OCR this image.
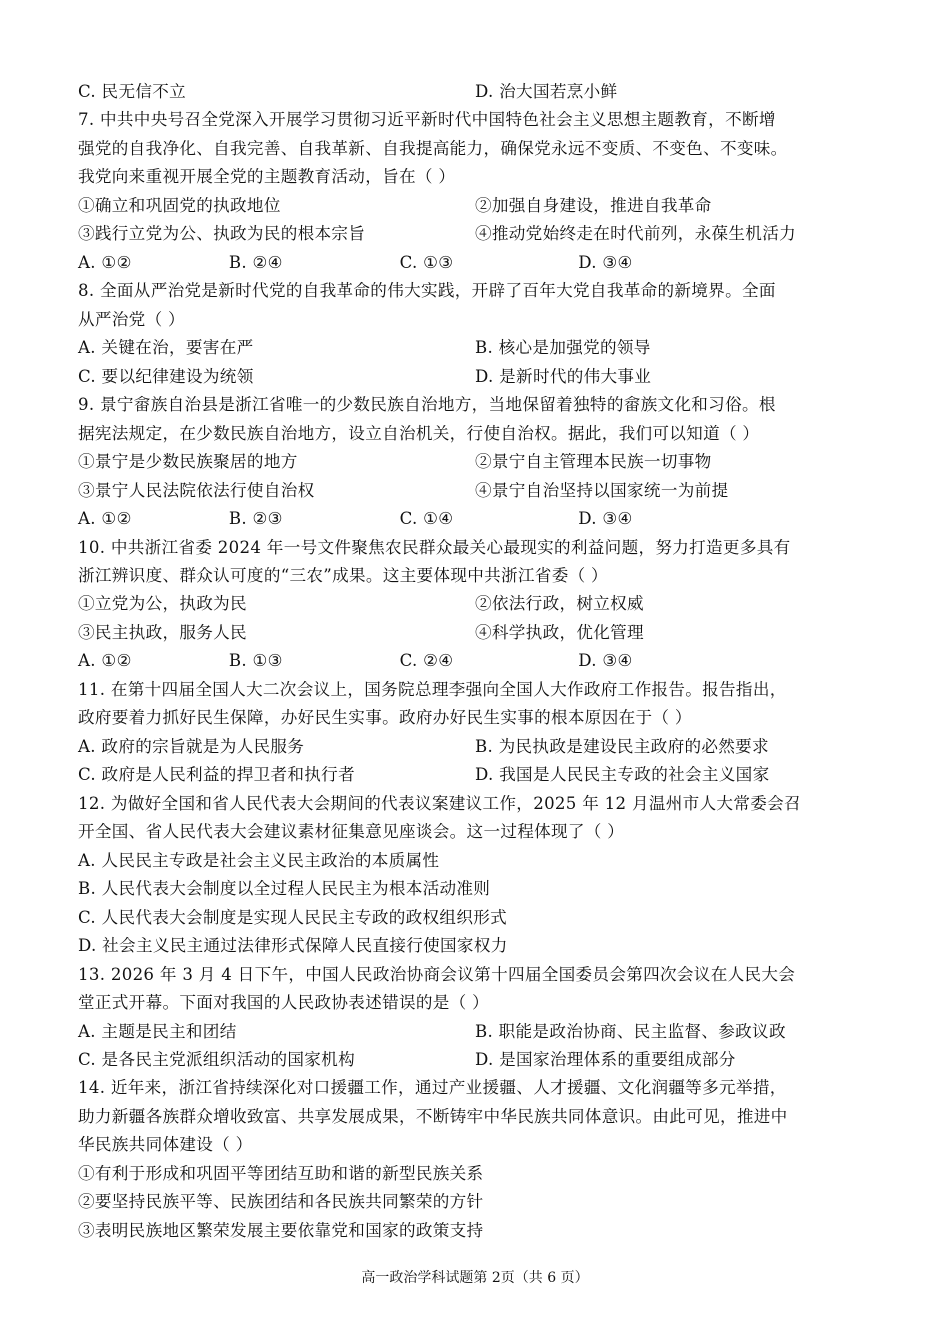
C. 民无信不立	D. 治大国若烹小鲜
7. 中共中央号召全党深入开展学习贯彻习近平新时代中国特色社会主义思想主题教育，不断增
强党的自我净化、自我完善、自我革新、自我提高能力，确保党永远不变质、不变色、不变味。
我党向来重视开展全党的主题教育活动，旨在（ ）
①确立和巩固党的执政地位	②加强自身建设，推进自我革命
③践行立党为公、执政为民的根本宗旨	④推动党始终走在时代前列，永葆生机活力
A. ①②	B. ②④	C. ①③	D. ③④
8. 全面从严治党是新时代党的自我革命的伟大实践，开辟了百年大党自我革命的新境界。全面
从严治党（ ）
A. 关键在治，要害在严	B. 核心是加强党的领导
C. 要以纪律建设为统领	D. 是新时代的伟大事业
9. 景宁畲族自治县是浙江省唯一的少数民族自治地方，当地保留着独特的畲族文化和习俗。根
据宪法规定，在少数民族自治地方，设立自治机关，行使自治权。据此，我们可以知道（ ）
①景宁是少数民族聚居的地方	②景宁自主管理本民族一切事物
③景宁人民法院依法行使自治权	④景宁自治坚持以国家统一为前提
A. ①②	B. ②③	C. ①④	D. ③④
10. 中共浙江省委 2024 年一号文件聚焦农民群众最关心最现实的利益问题，努力打造更多具有
浙江辨识度、群众认可度的“三农”成果。这主要体现中共浙江省委（ ）
①立党为公，执政为民	②依法行政，树立权威
③民主执政，服务人民	④科学执政，优化管理
A. ①②	B. ①③	C. ②④	D. ③④
11. 在第十四届全国人大二次会议上，国务院总理李强向全国人大作政府工作报告。报告指出，
政府要着力抓好民生保障，办好民生实事。政府办好民生实事的根本原因在于（ ）
A. 政府的宗旨就是为人民服务	B. 为民执政是建设民主政府的必然要求
C. 政府是人民利益的捍卫者和执行者	D. 我国是人民民主专政的社会主义国家
12. 为做好全国和省人民代表大会期间的代表议案建议工作，2025 年 12 月温州市人大常委会召
开全国、省人民代表大会建议素材征集意见座谈会。这一过程体现了（ ）
A. 人民民主专政是社会主义民主政治的本质属性
B. 人民代表大会制度以全过程人民民主为根本活动准则
C. 人民代表大会制度是实现人民民主专政的政权组织形式
D. 社会主义民主通过法律形式保障人民直接行使国家权力
13. 2026 年 3 月 4 日下午，中国人民政治协商会议第十四届全国委员会第四次会议在人民大会
堂正式开幕。下面对我国的人民政协表述错误的是（ ）
A. 主题是民主和团结	B. 职能是政治协商、民主监督、参政议政
C. 是各民主党派组织活动的国家机构	D. 是国家治理体系的重要组成部分
14. 近年来，浙江省持续深化对口援疆工作，通过产业援疆、人才援疆、文化润疆等多元举措，
助力新疆各族群众增收致富、共享发展成果，不断铸牢中华民族共同体意识。由此可见，推进中
华民族共同体建设（ ）
①有利于形成和巩固平等团结互助和谐的新型民族关系
②要坚持民族平等、民族团结和各民族共同繁荣的方针
③表明民族地区繁荣发展主要依靠党和国家的政策支持
高一政治学科试题第 2页（共 6 页）
